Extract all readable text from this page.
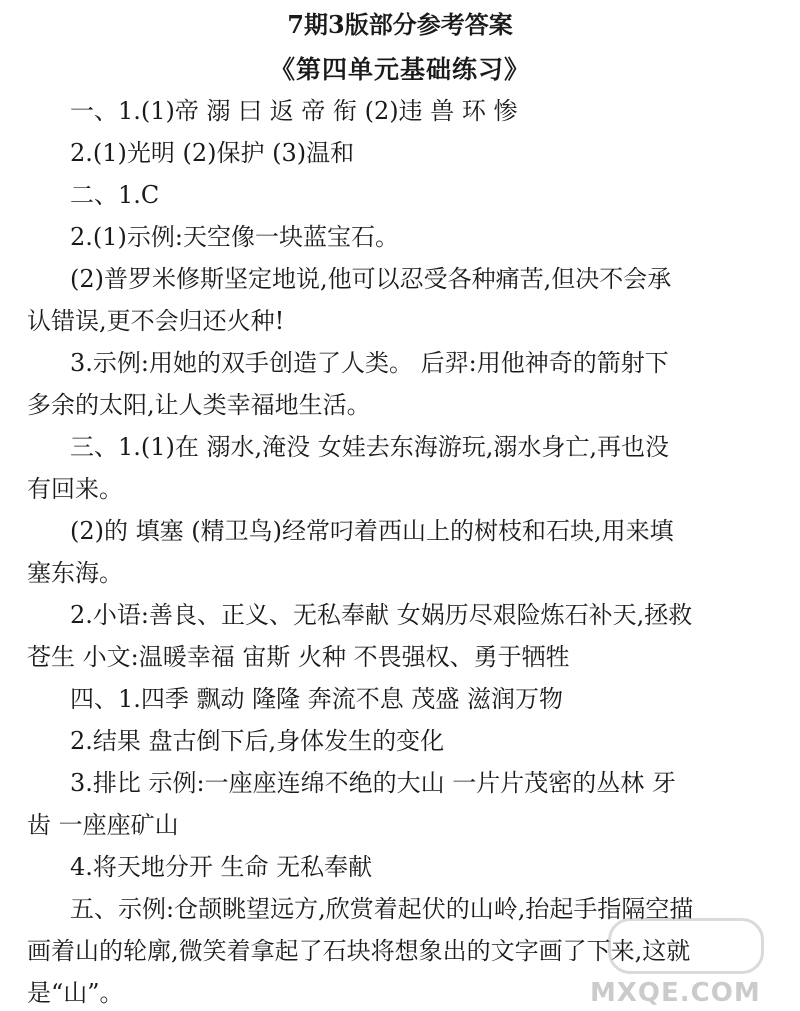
7期3版部分参考答案
《第四单元基础练习》
一、1.(1)帝 溺 曰 返 帝 衔 (2)违 兽 环 惨
2.(1)光明 (2)保护 (3)温和
二、1.C
2.(1)示例:天空像一块蓝宝石。
(2)普罗米修斯坚定地说,他可以忍受各种痛苦,但决不会承
认错误,更不会归还火种!
3.示例:用她的双手创造了人类。 后羿:用他神奇的箭射下
多余的太阳,让人类幸福地生活。
三、1.(1)在 溺水,淹没 女娃去东海游玩,溺水身亡,再也没
有回来。
(2)的 填塞 (精卫鸟)经常叼着西山上的树枝和石块,用来填
塞东海。
2.小语:善良、正义、无私奉献 女娲历尽艰险炼石补天,拯救
苍生 小文:温暖幸福 宙斯 火种 不畏强权、勇于牺牲
四、1.四季 飘动 隆隆 奔流不息 茂盛 滋润万物
2.结果 盘古倒下后,身体发生的变化
3.排比 示例:一座座连绵不绝的大山 一片片茂密的丛林 牙
齿 一座座矿山
4.将天地分开 生命 无私奉献
五、示例:仓颉眺望远方,欣赏着起伏的山岭,抬起手指隔空描
画着山的轮廓,微笑着拿起了石块将想象出的文字画了下来,这就
是“山”。	MXQE.COM
